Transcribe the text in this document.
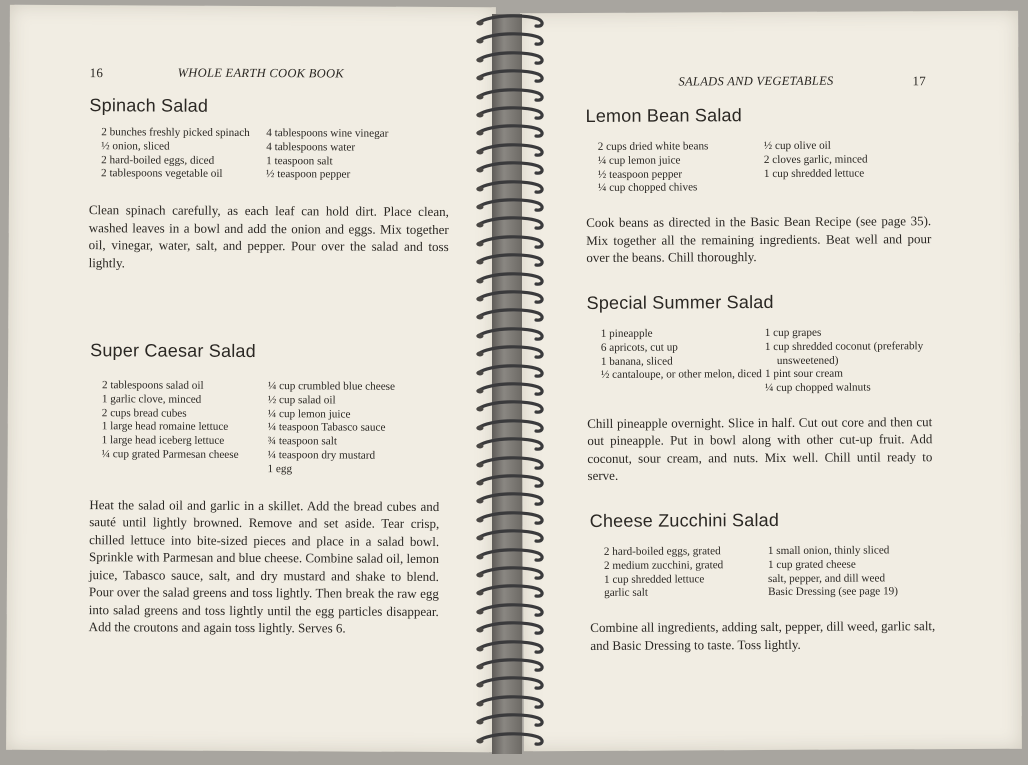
16	WHOLE EARTH COOK BOOK
Spinach Salad
2 bunches freshly picked spinach
½ onion, sliced
2 hard-boiled eggs, diced
2 tablespoons vegetable oil
4 tablespoons wine vinegar
4 tablespoons water
1 teaspoon salt
½ teaspoon pepper

Clean spinach carefully, as each leaf can hold dirt. Place clean, washed leaves in a bowl and add the onion and eggs. Mix together oil, vinegar, water, salt, and pepper. Pour over the salad and toss lightly.

Super Caesar Salad
2 tablespoons salad oil
1 garlic clove, minced
2 cups bread cubes
1 large head romaine lettuce
1 large head iceberg lettuce
¼ cup grated Parmesan cheese
¼ cup crumbled blue cheese
½ cup salad oil
¼ cup lemon juice
¼ teaspoon Tabasco sauce
¾ teaspoon salt
¼ teaspoon dry mustard
1 egg

Heat the salad oil and garlic in a skillet. Add the bread cubes and sauté until lightly browned. Remove and set aside. Tear crisp, chilled lettuce into bite-sized pieces and place in a salad bowl. Sprinkle with Parmesan and blue cheese. Combine salad oil, lemon juice, Tabasco sauce, salt, and dry mustard and shake to blend. Pour over the salad greens and toss lightly. Then break the raw egg into salad greens and toss lightly until the egg particles disappear. Add the croutons and again toss lightly. Serves 6.

SALADS AND VEGETABLES	17
Lemon Bean Salad
2 cups dried white beans
¼ cup lemon juice
½ teaspoon pepper
¼ cup chopped chives
½ cup olive oil
2 cloves garlic, minced
1 cup shredded lettuce

Cook beans as directed in the Basic Bean Recipe (see page 35). Mix together all the remaining ingredients. Beat well and pour over the beans. Chill thoroughly.

Special Summer Salad
1 pineapple
6 apricots, cut up
1 banana, sliced
½ cantaloupe, or other melon, diced
1 cup grapes
1 cup shredded coconut (preferably unsweetened)
1 pint sour cream
¼ cup chopped walnuts

Chill pineapple overnight. Slice in half. Cut out core and then cut out pineapple. Put in bowl along with other cut-up fruit. Add coconut, sour cream, and nuts. Mix well. Chill until ready to serve.

Cheese Zucchini Salad
2 hard-boiled eggs, grated
2 medium zucchini, grated
1 cup shredded lettuce
garlic salt
1 small onion, thinly sliced
1 cup grated cheese
salt, pepper, and dill weed
Basic Dressing (see page 19)

Combine all ingredients, adding salt, pepper, dill weed, garlic salt, and Basic Dressing to taste. Toss lightly.
